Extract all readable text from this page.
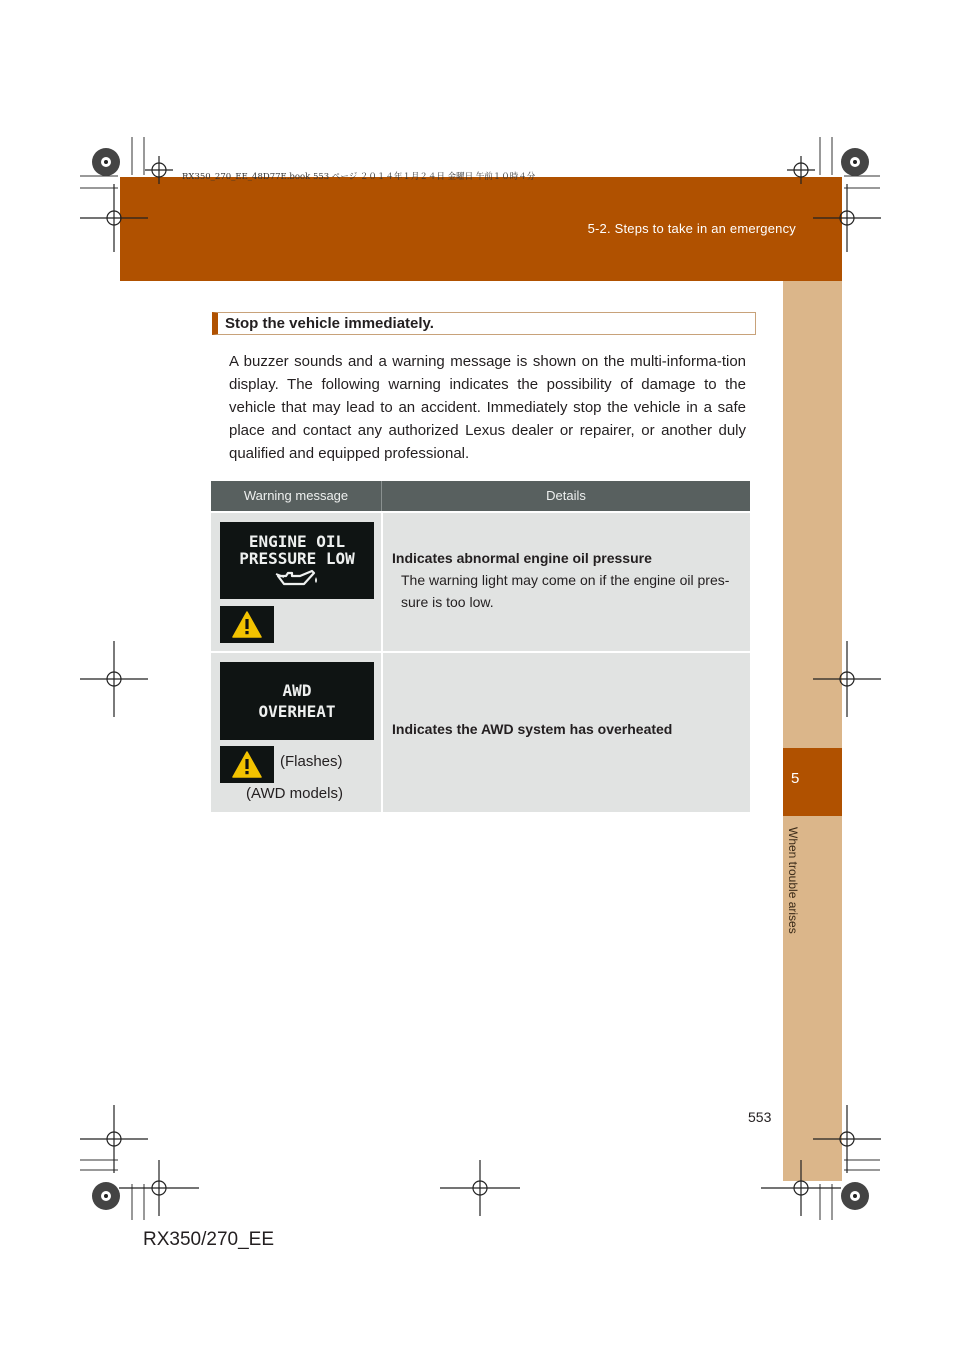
5-2. Steps to take in an emergency
RX350_270_EE_48D77E.book 553 ページ ２０１４年１月２４日 金曜日 午前１０時４分
5
When trouble arises
Stop the vehicle immediately.
A buzzer sounds and a warning message is shown on the multi-informa-tion display. The following warning indicates the possibility of damage to the vehicle that may lead to an accident. Immediately stop the vehicle in a safe place and contact any authorized Lexus dealer or repairer, or another duly qualified and equipped professional.
Warning message	Details
ENGINE OIL
PRESSURE LOW	Indicates abnormal engine oil pressure
The warning light may come on if the engine oil pres-sure is too low.
AWD
OVERHEAT
(Flashes)
(AWD models)
Indicates the AWD system has overheated
553
RX350/270_EE
